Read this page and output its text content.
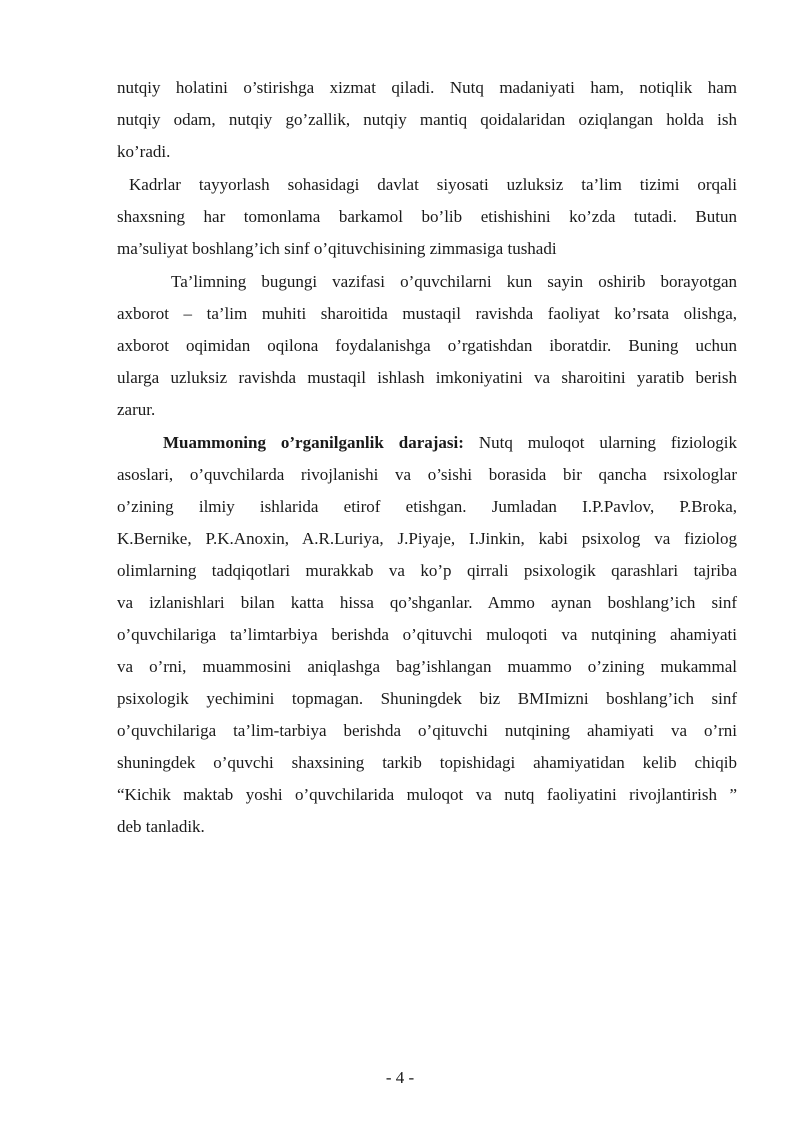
nutqiy holatini o’stirishga xizmat qiladi. Nutq madaniyati ham, notiqlik ham
nutqiy odam, nutqiy go’zallik, nutqiy mantiq qoidalaridan oziqlangan holda ish
ko’radi.
Kadrlar tayyorlash sohasidagi davlat siyosati uzluksiz ta’lim tizimi orqali
shaxsning har tomonlama barkamol bo’lib etishishini ko’zda tutadi. Butun
ma’suliyat boshlang’ich sinf o’qituvchisining zimmasiga tushadi
Ta’limning bugungi vazifasi o’quvchilarni kun sayin oshirib borayotgan
axborot – ta’lim muhiti sharoitida mustaqil ravishda faoliyat ko’rsata olishga,
axborot oqimidan oqilona foydalanishga o’rgatishdan iboratdir. Buning uchun
ularga uzluksiz ravishda mustaqil ishlash imkoniyatini va sharoitini yaratib berish
zarur.
Muammoning o’rganilganlik darajasi: Nutq muloqot ularning fiziologik
asoslari, o’quvchilarda rivojlanishi va o’sishi borasida bir qancha rsixologlar
o’zining ilmiy ishlarida etirof etishgan. Jumladan I.P.Pavlov, P.Broka,
K.Bernike, P.K.Anoxin, A.R.Luriya, J.Piyaje, I.Jinkin, kabi psixolog va fiziolog
olimlarning tadqiqotlari murakkab va ko’p qirrali psixologik qarashlari tajriba
va izlanishlari bilan katta hissa qo’shganlar. Ammo aynan boshlang’ich sinf
o’quvchilariga ta’limtarbiya berishda o’qituvchi muloqoti va nutqining ahamiyati
va o’rni, muammosini aniqlashga bag’ishlangan muammo o’zining mukammal
psixologik yechimini topmagan. Shuningdek biz BMImizni boshlang’ich sinf
o’quvchilariga ta’lim-tarbiya berishda o’qituvchi nutqining ahamiyati va o’rni
shuningdek o’quvchi shaxsining tarkib topishidagi ahamiyatidan kelib chiqib
“Kichik maktab yoshi o’quvchilarida muloqot va nutq faoliyatini rivojlantirish ”
deb tanladik.
- 4 -
